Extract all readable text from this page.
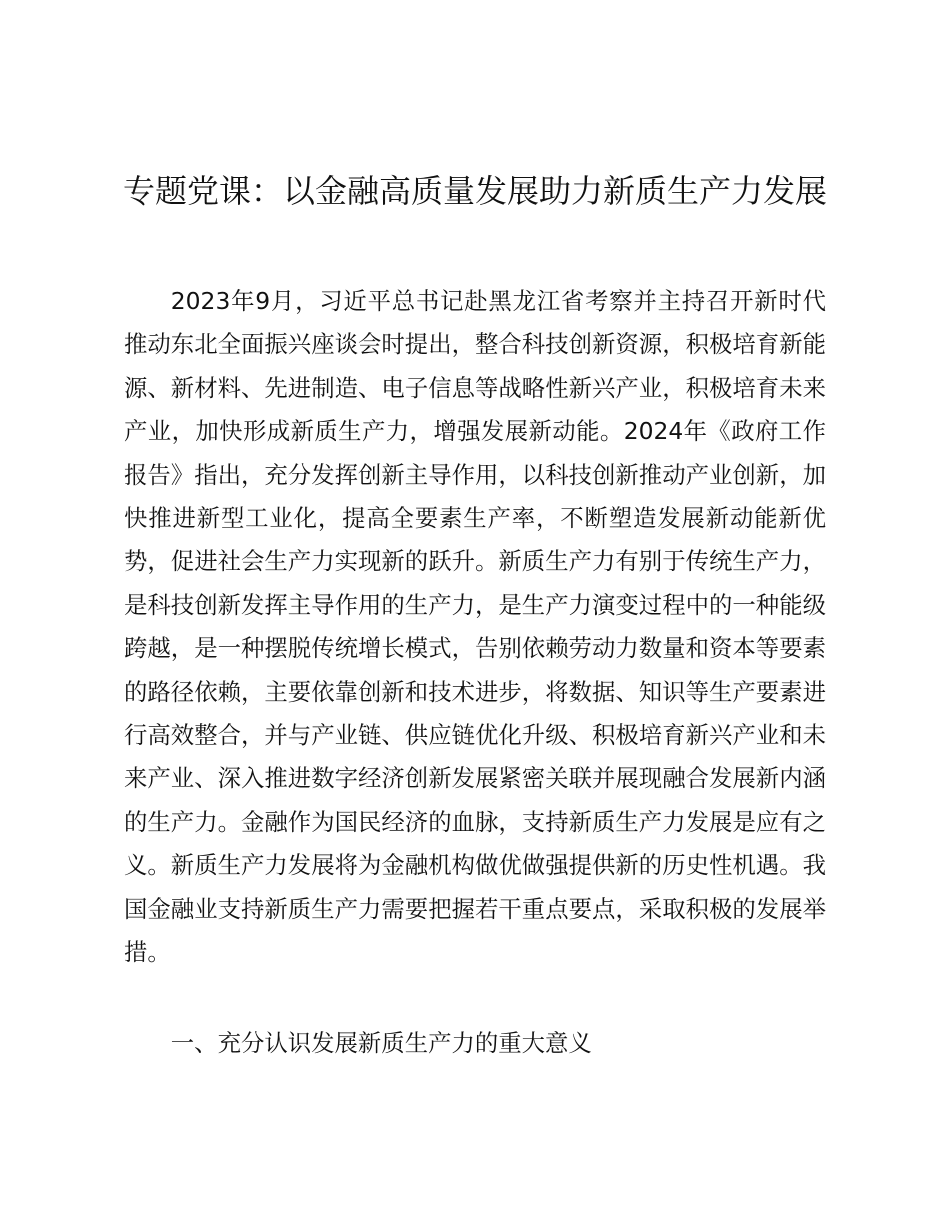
专题党课：以金融高质量发展助力新质生产力发展

2023年9月，习近平总书记赴黑龙江省考察并主持召开新时代推动东北全面振兴座谈会时提出，整合科技创新资源，积极培育新能源、新材料、先进制造、电子信息等战略性新兴产业，积极培育未来产业，加快形成新质生产力，增强发展新动能。2024年《政府工作报告》指出，充分发挥创新主导作用，以科技创新推动产业创新，加快推进新型工业化，提高全要素生产率，不断塑造发展新动能新优势，促进社会生产力实现新的跃升。新质生产力有别于传统生产力，是科技创新发挥主导作用的生产力，是生产力演变过程中的一种能级跨越，是一种摆脱传统增长模式，告别依赖劳动力数量和资本等要素的路径依赖，主要依靠创新和技术进步，将数据、知识等生产要素进行高效整合，并与产业链、供应链优化升级、积极培育新兴产业和未来产业、深入推进数字经济创新发展紧密关联并展现融合发展新内涵的生产力。金融作为国民经济的血脉，支持新质生产力发展是应有之义。新质生产力发展将为金融机构做优做强提供新的历史性机遇。我国金融业支持新质生产力需要把握若干重点要点，采取积极的发展举措。

一、充分认识发展新质生产力的重大意义
